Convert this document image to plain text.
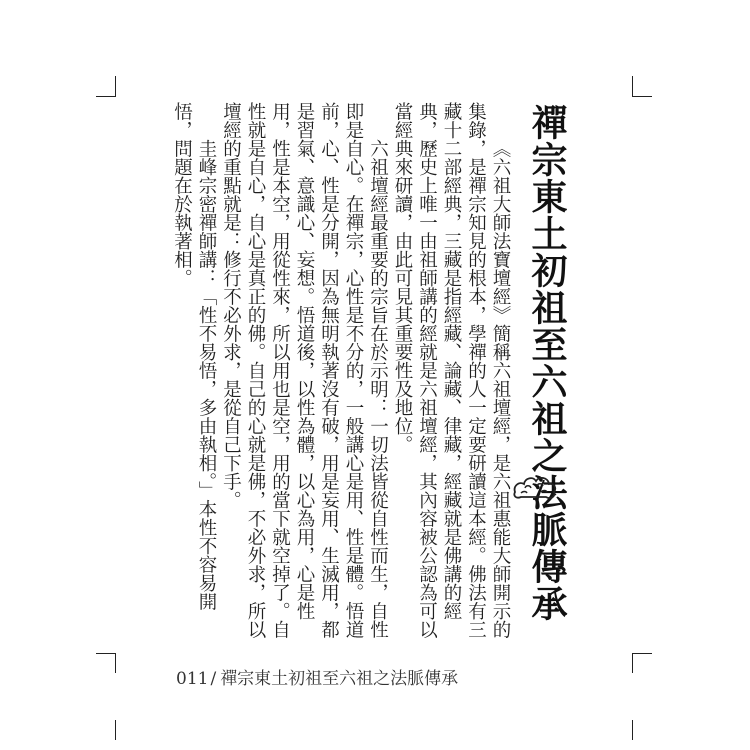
禪宗東土初祖至六祖之法脈傳承

《六祖大師法寶壇經》簡稱六祖壇經，是六祖惠能大師開示的集錄，是禪宗知見的根本，學禪的人一定要研讀這本經。佛法有三藏十二部經典，三藏是指經藏、論藏、律藏，經藏就是佛講的經典，歷史上唯一由祖師講的經就是六祖壇經，其內容被公認為可以當經典來研讀，由此可見其重要性及地位。

六祖壇經最重要的宗旨在於示明：一切法皆從自性而生，自性即是自心。在禪宗，心性是不分的，一般講心是用、性是體。悟道前，心、性是分開，因為無明執著沒有破，用是妄用、生滅用，都是習氣、意識心、妄想。悟道後，以性為體，以心為用，心是性用，性是本空，用從性來，所以用也是空，用的當下就空掉了。自性就是自心，自心是真正的佛。自己的心就是佛，不必外求，所以壇經的重點就是：修行不必外求，是從自己下手。

圭峰宗密禪師講：「性不易悟，多由執相。」本性不容易開悟，問題在於執著相。

011 / 禪宗東土初祖至六祖之法脈傳承
